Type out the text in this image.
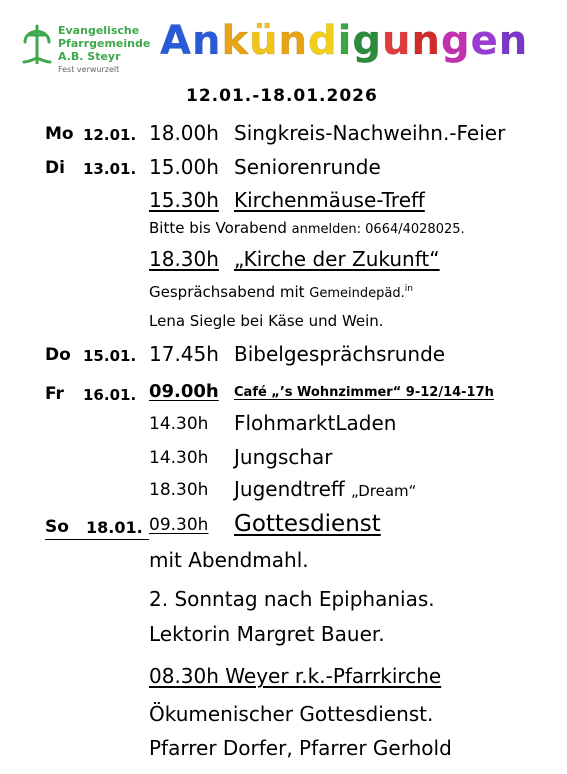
Evangelische
Pfarrgemeinde
A.B. Steyr
Fest verwurzelt
Ankündigungen
12.01.-18.01.2026
Mo 12.01. 18.00h Singkreis-Nachweihn.-Feier
Di 13.01. 15.00h Seniorenrunde
15.30h Kirchenmäuse-Treff
Bitte bis Vorabend anmelden: 0664/4028025.
18.30h „Kirche der Zukunft“
Gesprächsabend mit Gemeindepäd.$^{in}$
Lena Siegle bei Käse und Wein.
Do 15.01. 17.45h Bibelgesprächsrunde
Fr 16.01. 09.00h Café „’s Wohnzimmer“ 9-12/14-17h
14.30h FlohmarktLaden
14.30h Jungschar
18.30h Jugendtreff „Dream“
So 18.01. 09.30h Gottesdienst
mit Abendmahl.
2. Sonntag nach Epiphanias.
Lektorin Margret Bauer.
08.30h Weyer r.k.-Pfarrkirche
Ökumenischer Gottesdienst.
Pfarrer Dorfer, Pfarrer Gerhold
